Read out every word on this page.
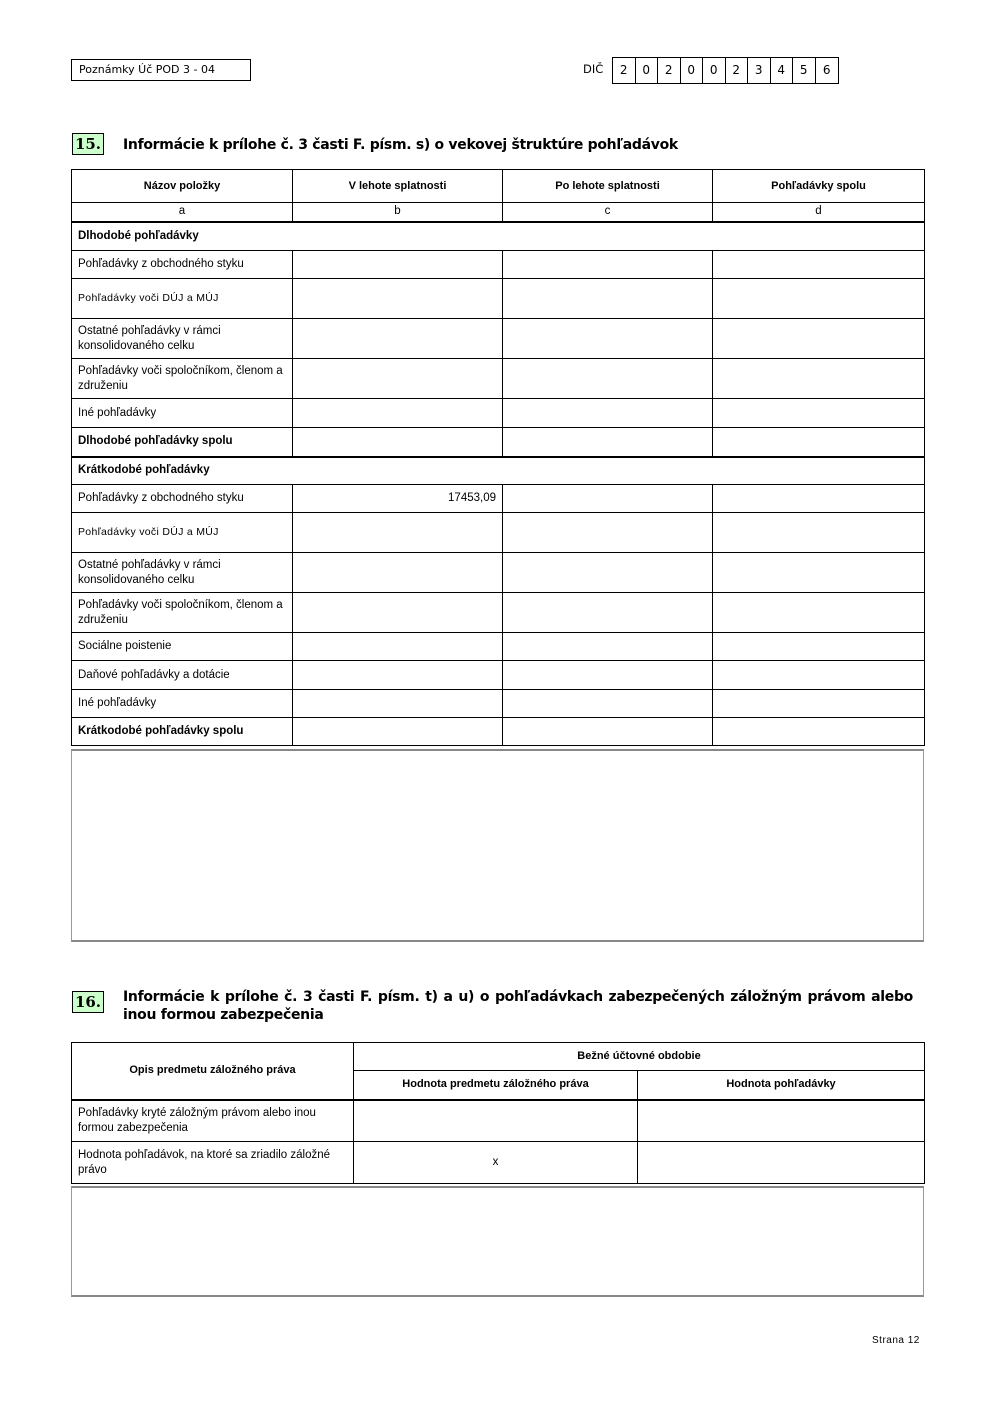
Poznámky Úč POD 3 - 04	DIČ	2	0	2	0	0	2	3	4	5	6
15. Informácie k prílohe č. 3 časti F. písm. s) o vekovej štruktúre pohľadávok
Názov položky	V lehote splatnosti	Po lehote splatnosti	Pohľadávky spolu
a	b	c	d
Dlhodobé pohľadávky			
Pohľadávky z obchodného styku			
Pohľadávky voči DÚJ a MÚJ			
Ostatné pohľadávky v rámci konsolidovaného celku			
Pohľadávky voči spoločníkom, členom a združeniu			
Iné pohľadávky			
Dlhodobé pohľadávky spolu			
Krátkodobé pohľadávky			
Pohľadávky z obchodného styku	17453,09		
Pohľadávky voči DÚJ a MÚJ			
Ostatné pohľadávky v rámci konsolidovaného celku			
Pohľadávky voči spoločníkom, členom a združeniu			
Sociálne poistenie			
Daňové pohľadávky a dotácie			
Iné pohľadávky			
Krátkodobé pohľadávky spolu			
16. Informácie k prílohe č. 3 časti F. písm. t) a u) o pohľadávkach zabezpečených záložným právom alebo inou formou zabezpečenia
Opis predmetu záložného práva	Bežné účtovné obdobie	
	Hodnota predmetu záložného práva	Hodnota pohľadávky
Pohľadávky kryté záložným právom alebo inou formou zabezpečenia		
Hodnota pohľadávok, na ktoré sa zriadilo záložné právo	x	
Strana 12
